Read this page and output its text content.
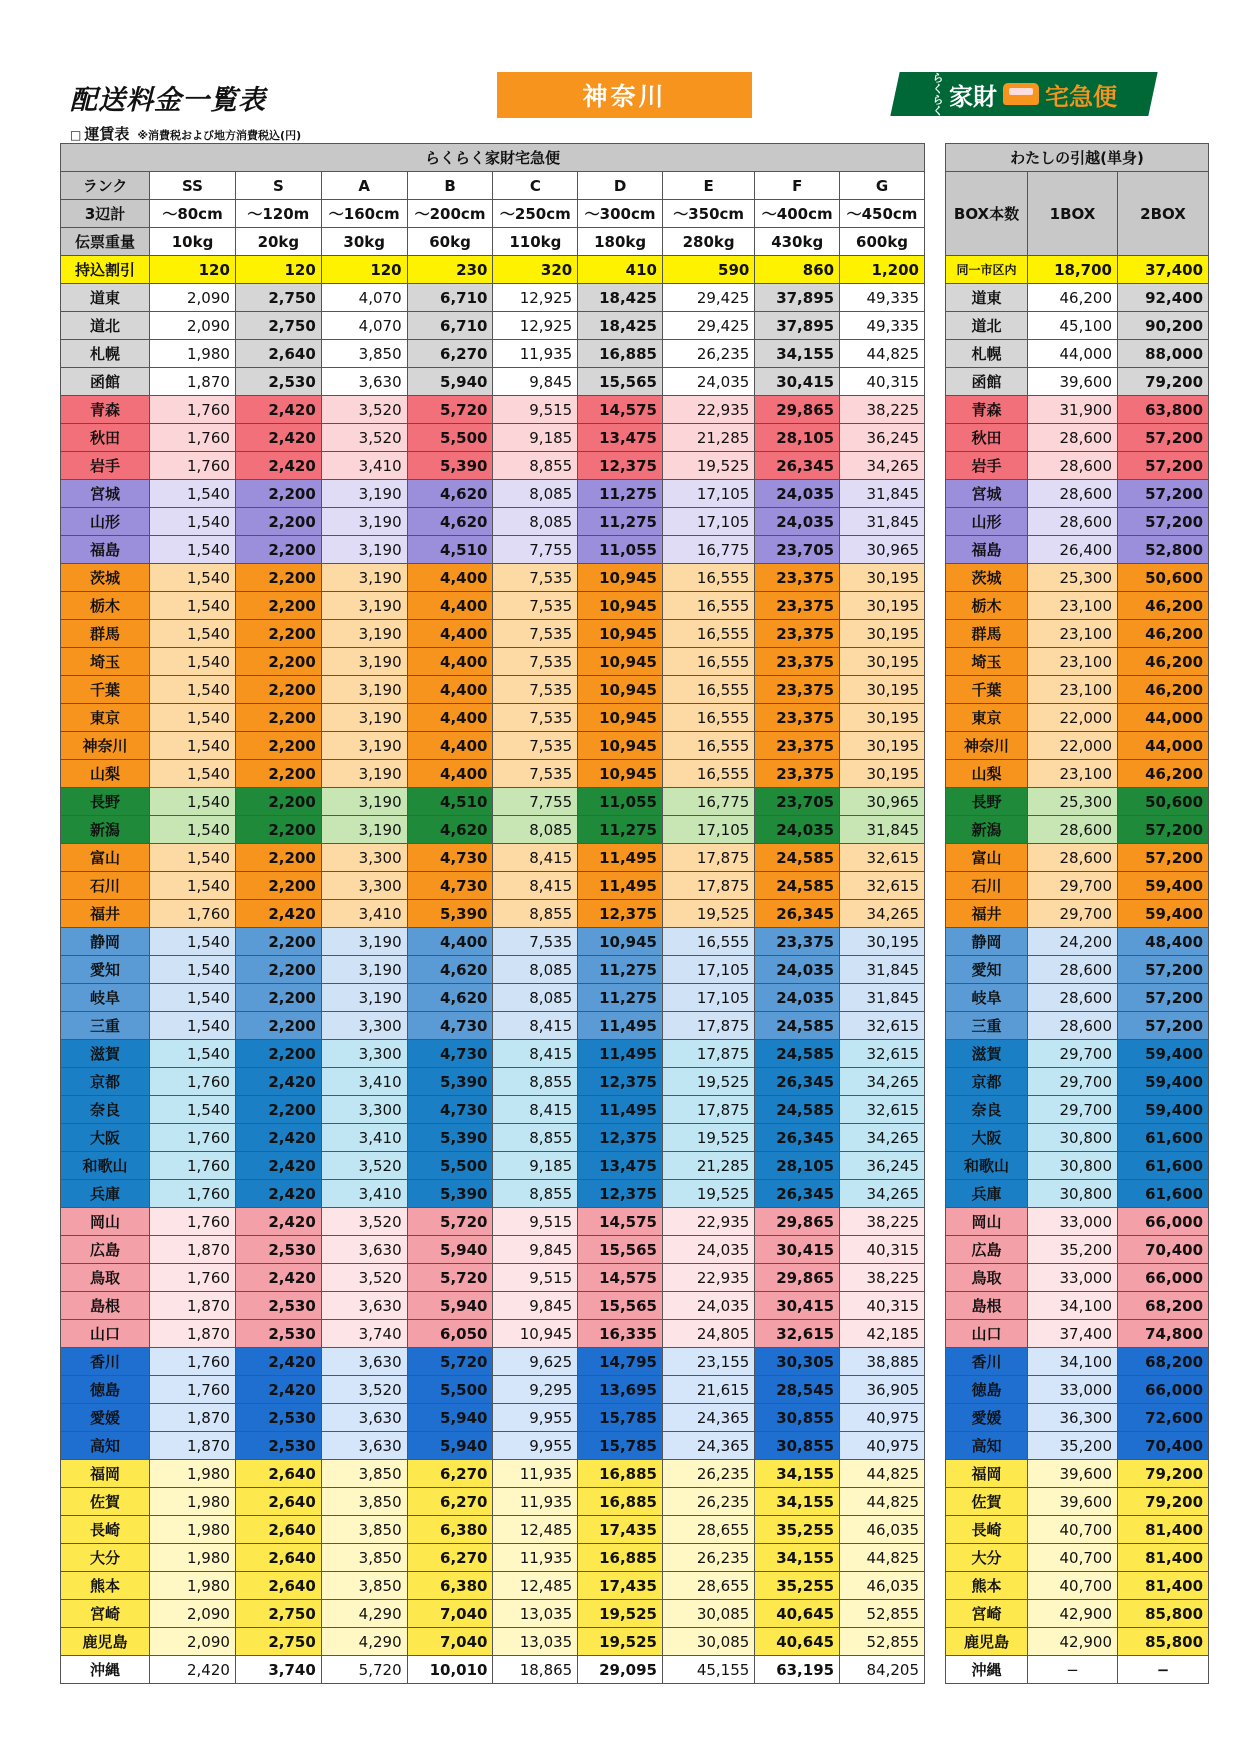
配送料金一覧表	神奈川	らくらく 家財 宅急便
□ 運賃表 ※消費税および地方消費税込(円)
らくらく家財宅急便									
ランク	SS	S	A	B	C	D	E	F	G
3辺計	〜80cm	〜120m	〜160cm	〜200cm	〜250cm	〜300cm	〜350cm	〜400cm	〜450cm
伝票重量	10kg	20kg	30kg	60kg	110kg	180kg	280kg	430kg	600kg
持込割引	120	120	120	230	320	410	590	860	1,200
道東	2,090	2,750	4,070	6,710	12,925	18,425	29,425	37,895	49,335
道北	2,090	2,750	4,070	6,710	12,925	18,425	29,425	37,895	49,335
札幌	1,980	2,640	3,850	6,270	11,935	16,885	26,235	34,155	44,825
函館	1,870	2,530	3,630	5,940	9,845	15,565	24,035	30,415	40,315
青森	1,760	2,420	3,520	5,720	9,515	14,575	22,935	29,865	38,225
秋田	1,760	2,420	3,520	5,500	9,185	13,475	21,285	28,105	36,245
岩手	1,760	2,420	3,410	5,390	8,855	12,375	19,525	26,345	34,265
宮城	1,540	2,200	3,190	4,620	8,085	11,275	17,105	24,035	31,845
山形	1,540	2,200	3,190	4,620	8,085	11,275	17,105	24,035	31,845
福島	1,540	2,200	3,190	4,510	7,755	11,055	16,775	23,705	30,965
茨城	1,540	2,200	3,190	4,400	7,535	10,945	16,555	23,375	30,195
栃木	1,540	2,200	3,190	4,400	7,535	10,945	16,555	23,375	30,195
群馬	1,540	2,200	3,190	4,400	7,535	10,945	16,555	23,375	30,195
埼玉	1,540	2,200	3,190	4,400	7,535	10,945	16,555	23,375	30,195
千葉	1,540	2,200	3,190	4,400	7,535	10,945	16,555	23,375	30,195
東京	1,540	2,200	3,190	4,400	7,535	10,945	16,555	23,375	30,195
神奈川	1,540	2,200	3,190	4,400	7,535	10,945	16,555	23,375	30,195
山梨	1,540	2,200	3,190	4,400	7,535	10,945	16,555	23,375	30,195
長野	1,540	2,200	3,190	4,510	7,755	11,055	16,775	23,705	30,965
新潟	1,540	2,200	3,190	4,620	8,085	11,275	17,105	24,035	31,845
富山	1,540	2,200	3,300	4,730	8,415	11,495	17,875	24,585	32,615
石川	1,540	2,200	3,300	4,730	8,415	11,495	17,875	24,585	32,615
福井	1,760	2,420	3,410	5,390	8,855	12,375	19,525	26,345	34,265
静岡	1,540	2,200	3,190	4,400	7,535	10,945	16,555	23,375	30,195
愛知	1,540	2,200	3,190	4,620	8,085	11,275	17,105	24,035	31,845
岐阜	1,540	2,200	3,190	4,620	8,085	11,275	17,105	24,035	31,845
三重	1,540	2,200	3,300	4,730	8,415	11,495	17,875	24,585	32,615
滋賀	1,540	2,200	3,300	4,730	8,415	11,495	17,875	24,585	32,615
京都	1,760	2,420	3,410	5,390	8,855	12,375	19,525	26,345	34,265
奈良	1,540	2,200	3,300	4,730	8,415	11,495	17,875	24,585	32,615
大阪	1,760	2,420	3,410	5,390	8,855	12,375	19,525	26,345	34,265
和歌山	1,760	2,420	3,520	5,500	9,185	13,475	21,285	28,105	36,245
兵庫	1,760	2,420	3,410	5,390	8,855	12,375	19,525	26,345	34,265
岡山	1,760	2,420	3,520	5,720	9,515	14,575	22,935	29,865	38,225
広島	1,870	2,530	3,630	5,940	9,845	15,565	24,035	30,415	40,315
鳥取	1,760	2,420	3,520	5,720	9,515	14,575	22,935	29,865	38,225
島根	1,870	2,530	3,630	5,940	9,845	15,565	24,035	30,415	40,315
山口	1,870	2,530	3,740	6,050	10,945	16,335	24,805	32,615	42,185
香川	1,760	2,420	3,630	5,720	9,625	14,795	23,155	30,305	38,885
徳島	1,760	2,420	3,520	5,500	9,295	13,695	21,615	28,545	36,905
愛媛	1,870	2,530	3,630	5,940	9,955	15,785	24,365	30,855	40,975
高知	1,870	2,530	3,630	5,940	9,955	15,785	24,365	30,855	40,975
福岡	1,980	2,640	3,850	6,270	11,935	16,885	26,235	34,155	44,825
佐賀	1,980	2,640	3,850	6,270	11,935	16,885	26,235	34,155	44,825
長崎	1,980	2,640	3,850	6,380	12,485	17,435	28,655	35,255	46,035
大分	1,980	2,640	3,850	6,270	11,935	16,885	26,235	34,155	44,825
熊本	1,980	2,640	3,850	6,380	12,485	17,435	28,655	35,255	46,035
宮崎	2,090	2,750	4,290	7,040	13,035	19,525	30,085	40,645	52,855
鹿児島	2,090	2,750	4,290	7,040	13,035	19,525	30,085	40,645	52,855
沖縄	2,420	3,740	5,720	10,010	18,865	29,095	45,155	63,195	84,205
わたしの引越(単身)		
BOX本数	1BOX	2BOX
同一市区内	18,700	37,400
道東	46,200	92,400
道北	45,100	90,200
札幌	44,000	88,000
函館	39,600	79,200
青森	31,900	63,800
秋田	28,600	57,200
岩手	28,600	57,200
宮城	28,600	57,200
山形	28,600	57,200
福島	26,400	52,800
茨城	25,300	50,600
栃木	23,100	46,200
群馬	23,100	46,200
埼玉	23,100	46,200
千葉	23,100	46,200
東京	22,000	44,000
神奈川	22,000	44,000
山梨	23,100	46,200
長野	25,300	50,600
新潟	28,600	57,200
富山	28,600	57,200
石川	29,700	59,400
福井	29,700	59,400
静岡	24,200	48,400
愛知	28,600	57,200
岐阜	28,600	57,200
三重	28,600	57,200
滋賀	29,700	59,400
京都	29,700	59,400
奈良	29,700	59,400
大阪	30,800	61,600
和歌山	30,800	61,600
兵庫	30,800	61,600
岡山	33,000	66,000
広島	35,200	70,400
鳥取	33,000	66,000
島根	34,100	68,200
山口	37,400	74,800
香川	34,100	68,200
徳島	33,000	66,000
愛媛	36,300	72,600
高知	35,200	70,400
福岡	39,600	79,200
佐賀	39,600	79,200
長崎	40,700	81,400
大分	40,700	81,400
熊本	40,700	81,400
宮崎	42,900	85,800
鹿児島	42,900	85,800
沖縄	−	−
